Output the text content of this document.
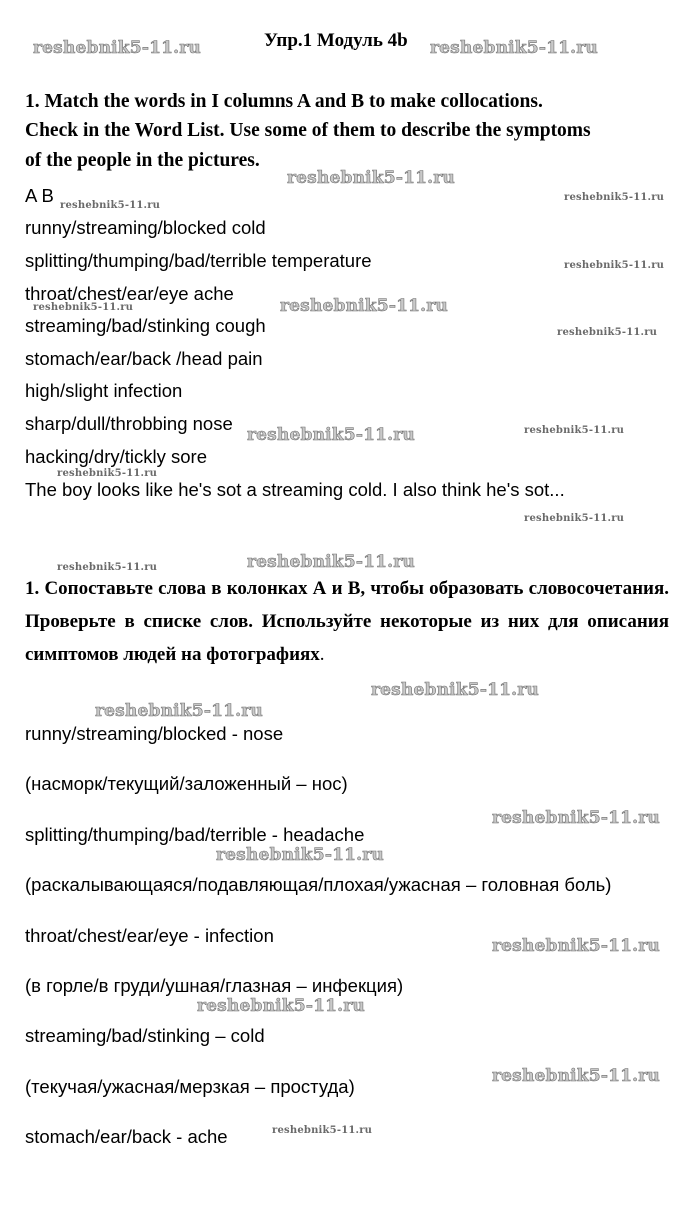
Упр.1 Модуль 4b
1. Match the words in I columns A and B to make collocations.
Check in the Word List. Use some of them to describe the symptoms
of the people in the pictures.
A B
runny/streaming/blocked cold
splitting/thumping/bad/terrible temperature
throat/chest/ear/eye ache
streaming/bad/stinking cough
stomach/ear/back /head pain
high/slight infection
sharp/dull/throbbing nose
hacking/dry/tickly sore
The boy looks like he's sot a streaming cold. I also think he's sot...
1. Сопоставьте слова в колонках А и В, чтобы образовать словосочетания. Проверьте в списке слов. Используйте некоторые из них для описания симптомов людей на фотографиях.
runny/streaming/blocked - nose
(насморк/текущий/заложенный – нос)
splitting/thumping/bad/terrible - headache
(раскалывающаяся/подавляющая/плохая/ужасная – головная боль)
throat/chest/ear/eye - infection
(в горле/в груди/ушная/глазная – инфекция)
streaming/bad/stinking – cold
(текучая/ужасная/мерзкая – простуда)
stomach/ear/back - ache
reshebnik5-11.ru	reshebnik5-11.ru
reshebnik5-11.ru
reshebnik5-11.ru
reshebnik5-11.ru
reshebnik5-11.ru
reshebnik5-11.ru	reshebnik5-11.ru
reshebnik5-11.ru
reshebnik5-11.ru	reshebnik5-11.ru
reshebnik5-11.ru
reshebnik5-11.ru
reshebnik5-11.ru	reshebnik5-11.ru
reshebnik5-11.ru
reshebnik5-11.ru
reshebnik5-11.ru
reshebnik5-11.ru
reshebnik5-11.ru
reshebnik5-11.ru
reshebnik5-11.ru
reshebnik5-11.ru
